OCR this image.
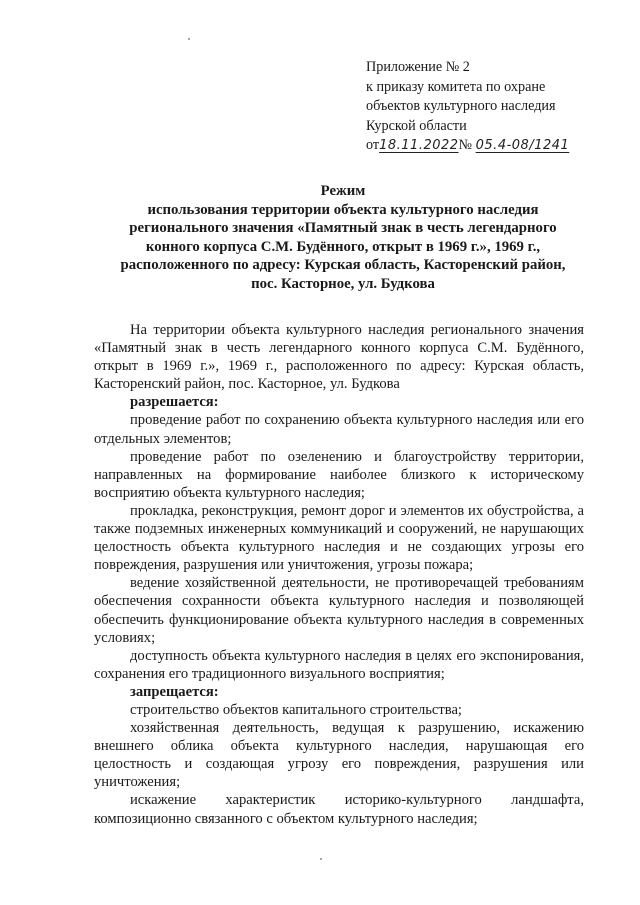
Приложение № 2
к приказу комитета по охране
объектов культурного наследия
Курской области
от18.11.2022№ 05.4-08/1241
Режим
использования территории объекта культурного наследия
регионального значения «Памятный знак в честь легендарного
конного корпуса С.М. Будённого, открыт в 1969 г.», 1969 г.,
расположенного по адресу: Курская область, Касторенский район,
пос. Касторное, ул. Будкова

На территории объекта культурного наследия регионального значения «Памятный знак в честь легендарного конного корпуса С.М. Будённого, открыт в 1969 г.», 1969 г., расположенного по адресу: Курская область, Касторенский район, пос. Касторное, ул. Будкова

разрешается:

проведение работ по сохранению объекта культурного наследия или его отдельных элементов;

проведение работ по озеленению и благоустройству территории, направленных на формирование наиболее близкого к историческому восприятию объекта культурного наследия;

прокладка, реконструкция, ремонт дорог и элементов их обустройства, а также подземных инженерных коммуникаций и сооружений, не нарушающих целостность объекта культурного наследия и не создающих угрозы его повреждения, разрушения или уничтожения, угрозы пожара;

ведение хозяйственной деятельности, не противоречащей требованиям обеспечения сохранности объекта культурного наследия и позволяющей обеспечить функционирование объекта культурного наследия в современных условиях;

доступность объекта культурного наследия в целях его экспонирования, сохранения его традиционного визуального восприятия;

запрещается:

строительство объектов капитального строительства;

хозяйственная деятельность, ведущая к разрушению, искажению внешнего облика объекта культурного наследия, нарушающая его целостность и создающая угрозу его повреждения, разрушения или уничтожения;

искажение характеристик историко-культурного ландшафта, композиционно связанного с объектом культурного наследия;
